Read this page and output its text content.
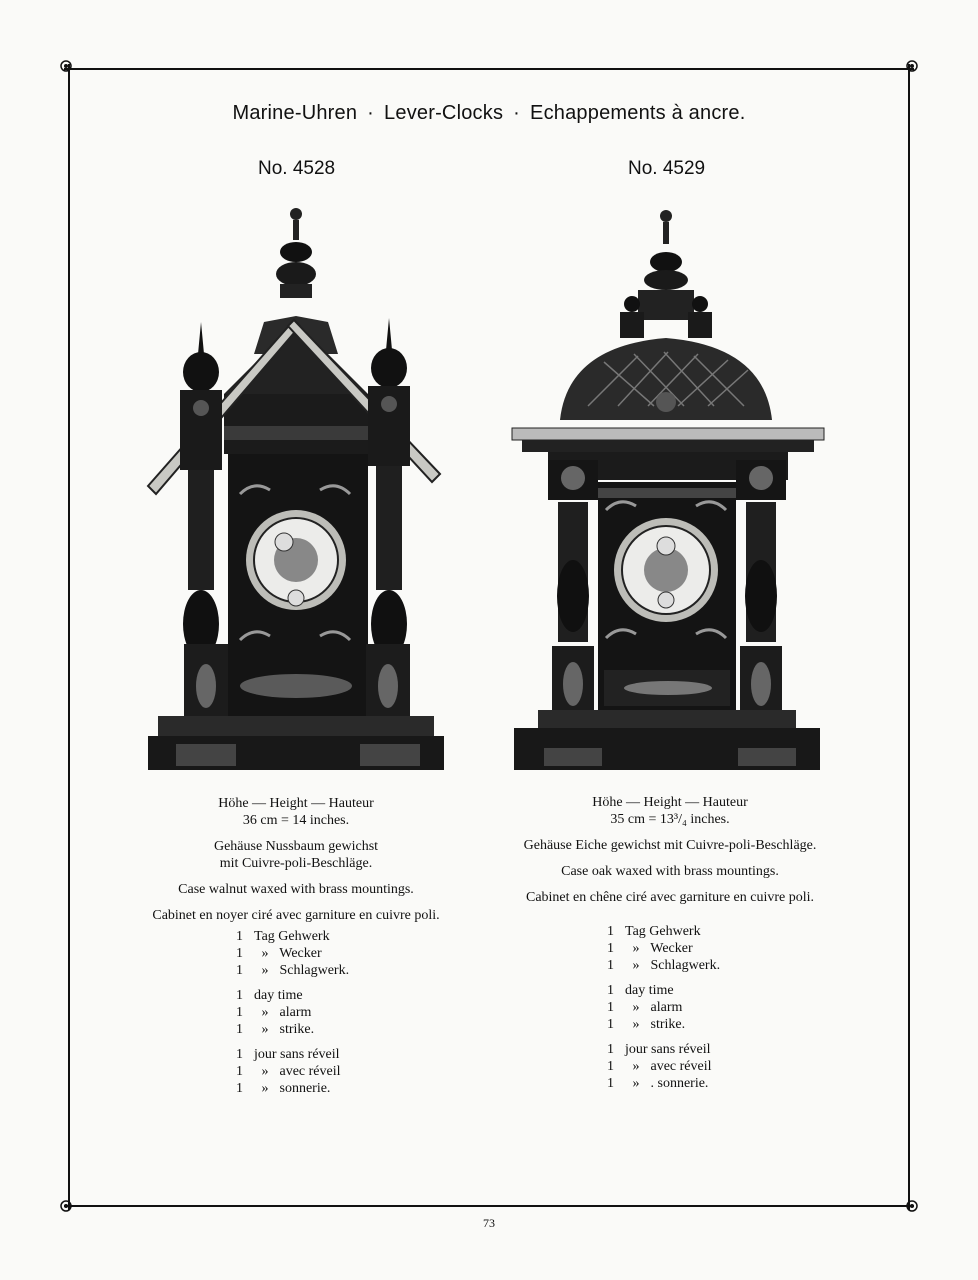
Marine-Uhren · Lever-Clocks · Echappements à ancre.
No. 4528	No. 4529

Höhe — Height — Hauteur
36 cm = 14 inches.

Gehäuse Nussbaum gewichst
mit Cuivre-poli-Beschläge.

Case walnut waxed with brass mountings.

Cabinet en noyer ciré avec garniture en cuivre poli.

1 Tag Gehwerk
1 » Wecker
1 » Schlagwerk.
1 day time
1 » alarm
1 » strike.
1 jour sans réveil
1 » avec réveil
1 » sonnerie.

Höhe — Height — Hauteur
35 cm = 13³/₄ inches.

Gehäuse Eiche gewichst mit Cuivre-poli-Beschläge.

Case oak waxed with brass mountings.

Cabinet en chêne ciré avec garniture en cuivre poli.

1 Tag Gehwerk
1 » Wecker
1 » Schlagwerk.
1 day time
1 » alarm
1 » strike.
1 jour sans réveil
1 » avec réveil
1 » . sonnerie.
73
